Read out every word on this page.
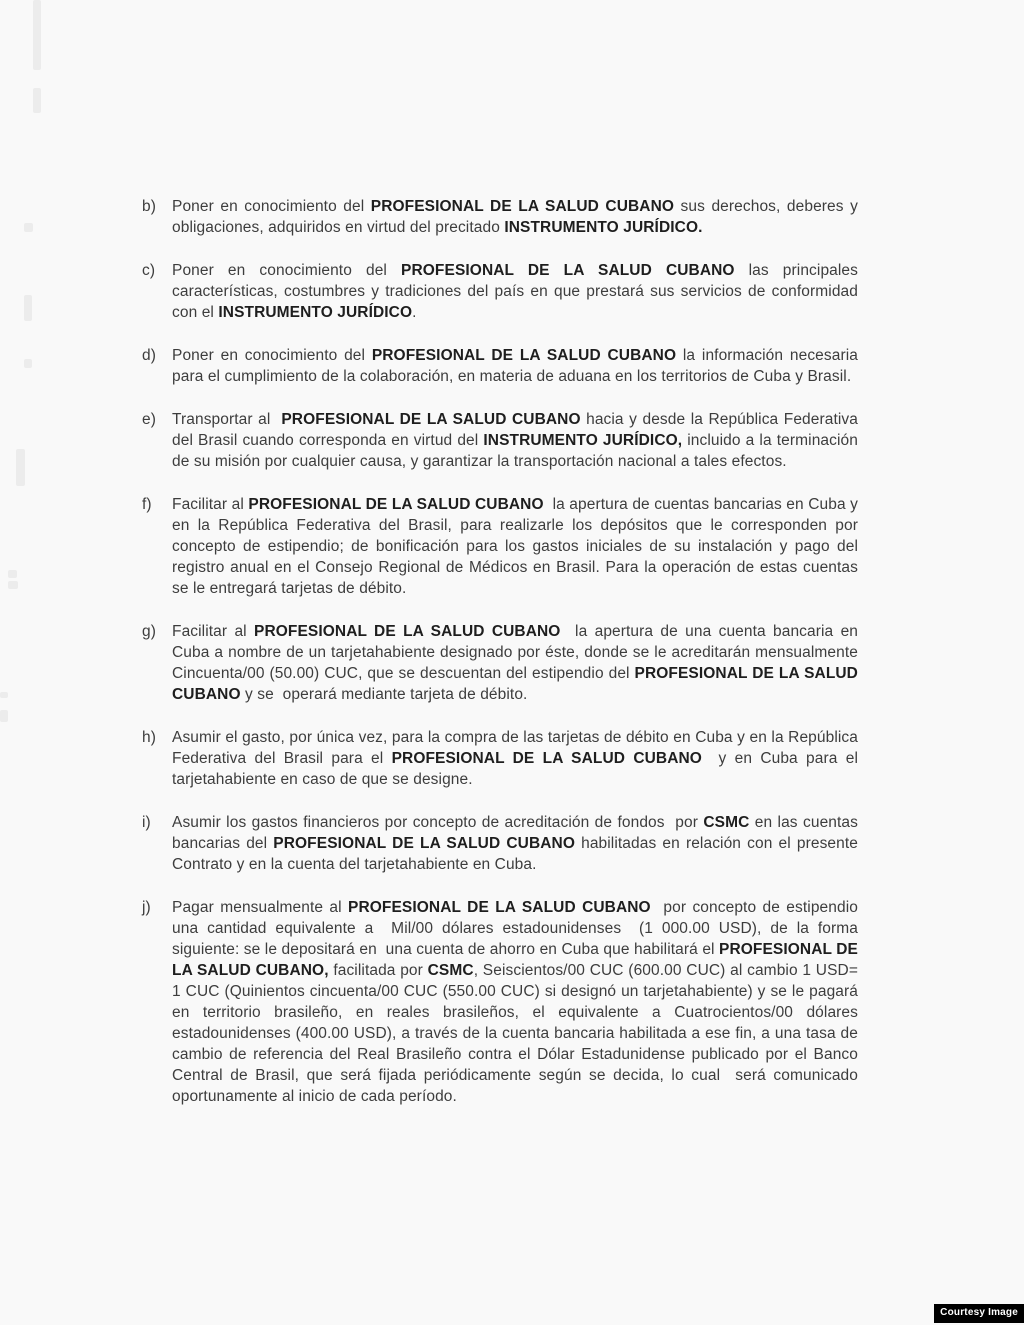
b) Poner en conocimiento del PROFESIONAL DE LA SALUD CUBANO sus derechos, deberes y obligaciones, adquiridos en virtud del precitado INSTRUMENTO JURÍDICO.
c) Poner en conocimiento del PROFESIONAL DE LA SALUD CUBANO las principales características, costumbres y tradiciones del país en que prestará sus servicios de conformidad con el INSTRUMENTO JURÍDICO.
d) Poner en conocimiento del PROFESIONAL DE LA SALUD CUBANO la información necesaria para el cumplimiento de la colaboración, en materia de aduana en los territorios de Cuba y Brasil.
e) Transportar al  PROFESIONAL DE LA SALUD CUBANO hacia y desde la República Federativa del Brasil cuando corresponda en virtud del INSTRUMENTO JURÍDICO, incluido a la terminación de su misión por cualquier causa, y garantizar la transportación nacional a tales efectos.
f) Facilitar al PROFESIONAL DE LA SALUD CUBANO  la apertura de cuentas bancarias en Cuba y en la República Federativa del Brasil, para realizarle los depósitos que le corresponden por concepto de estipendio; de bonificación para los gastos iniciales de su instalación y pago del registro anual en el Consejo Regional de Médicos en Brasil. Para la operación de estas cuentas se le entregará tarjetas de débito.
g) Facilitar al PROFESIONAL DE LA SALUD CUBANO  la apertura de una cuenta bancaria en Cuba a nombre de un tarjetahabiente designado por éste, donde se le acreditarán mensualmente Cincuenta/00 (50.00) CUC, que se descuentan del estipendio del PROFESIONAL DE LA SALUD CUBANO y se  operará mediante tarjeta de débito.
h) Asumir el gasto, por única vez, para la compra de las tarjetas de débito en Cuba y en la República Federativa del Brasil para el PROFESIONAL DE LA SALUD CUBANO  y en Cuba para el tarjetahabiente en caso de que se designe.
i) Asumir los gastos financieros por concepto de acreditación de fondos  por CSMC en las cuentas bancarias del PROFESIONAL DE LA SALUD CUBANO habilitadas en relación con el presente Contrato y en la cuenta del tarjetahabiente en Cuba.
j) Pagar mensualmente al PROFESIONAL DE LA SALUD CUBANO  por concepto de estipendio una cantidad equivalente a  Mil/00 dólares estadounidenses  (1 000.00 USD), de la forma siguiente: se le depositará en  una cuenta de ahorro en Cuba que habilitará el PROFESIONAL DE LA SALUD CUBANO, facilitada por CSMC, Seiscientos/00 CUC (600.00 CUC) al cambio 1 USD= 1 CUC (Quinientos cincuenta/00 CUC (550.00 CUC) si designó un tarjetahabiente) y se le pagará en territorio brasileño, en reales brasileños, el equivalente a Cuatrocientos/00 dólares estadounidenses (400.00 USD), a través de la cuenta bancaria habilitada a ese fin, a una tasa de cambio de referencia del Real Brasileño contra el Dólar Estadunidense publicado por el Banco Central de Brasil, que será fijada periódicamente según se decida, lo cual  será comunicado oportunamente al inicio de cada período.
Courtesy Image
